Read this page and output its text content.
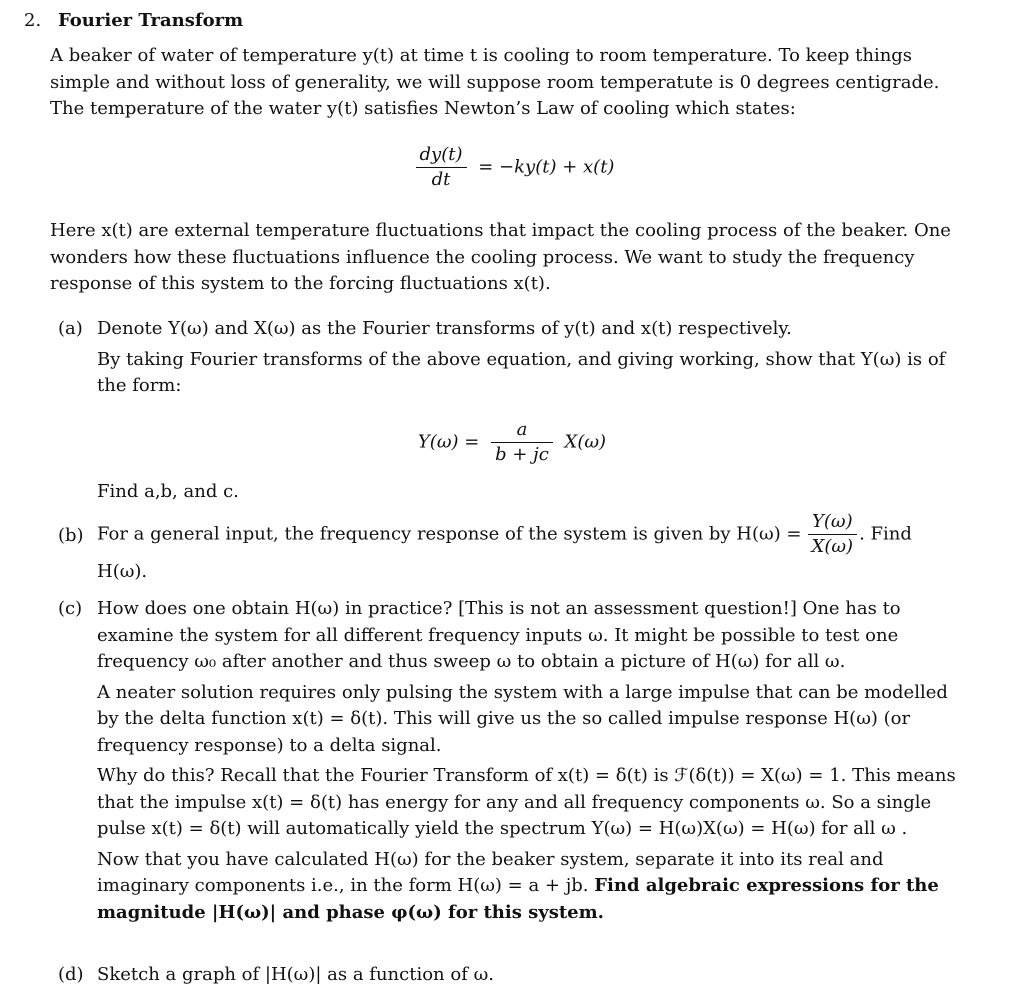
2. Fourier Transform
A beaker of water of temperature y(t) at time t is cooling to room temperature. To keep things simple and without loss of generality, we will suppose room temperatute is 0 degrees centigrade. The temperature of the water y(t) satisfies Newton’s Law of cooling which states:
$\frac{dy(t)}{dt} = -ky(t) + x(t)$
Here x(t) are external temperature fluctuations that impact the cooling process of the beaker. One wonders how these fluctuations influence the cooling process. We want to study the frequency response of this system to the forcing fluctuations x(t).
(a) Denote Y(ω) and X(ω) as the Fourier transforms of y(t) and x(t) respectively.
By taking Fourier transforms of the above equation, and giving working, show that Y(ω) is of the form:
$Y(\omega) = \frac{a}{b + jc} X(\omega)$
Find a,b, and c.
(b) For a general input, the frequency response of the system is given by $H(\omega) = \frac{Y(\omega)}{X(\omega)}$ . Find
H(ω).
(c) How does one obtain H(ω) in practice? [This is not an assessment question!] One has to examine the system for all different frequency inputs ω. It might be possible to test one frequency ω₀ after another and thus sweep ω to obtain a picture of H(ω) for all ω.
A neater solution requires only pulsing the system with a large impulse that can be modelled by the delta function x(t) = δ(t). This will give us the so called impulse response H(ω) (or frequency response) to a delta signal.
Why do this? Recall that the Fourier Transform of x(t) = δ(t) is ℱ(δ(t)) = X(ω) = 1. This means that the impulse x(t) = δ(t) has energy for any and all frequency components ω. So a single pulse x(t) = δ(t) will automatically yield the spectrum Y(ω) = H(ω)X(ω) = H(ω) for all ω .
Now that you have calculated H(ω) for the beaker system, separate it into its real and imaginary components i.e., in the form H(ω) = a + jb. Find algebraic expressions for the magnitude |H(ω)| and phase φ(ω) for this system.
(d) Sketch a graph of |H(ω)| as a function of ω.
